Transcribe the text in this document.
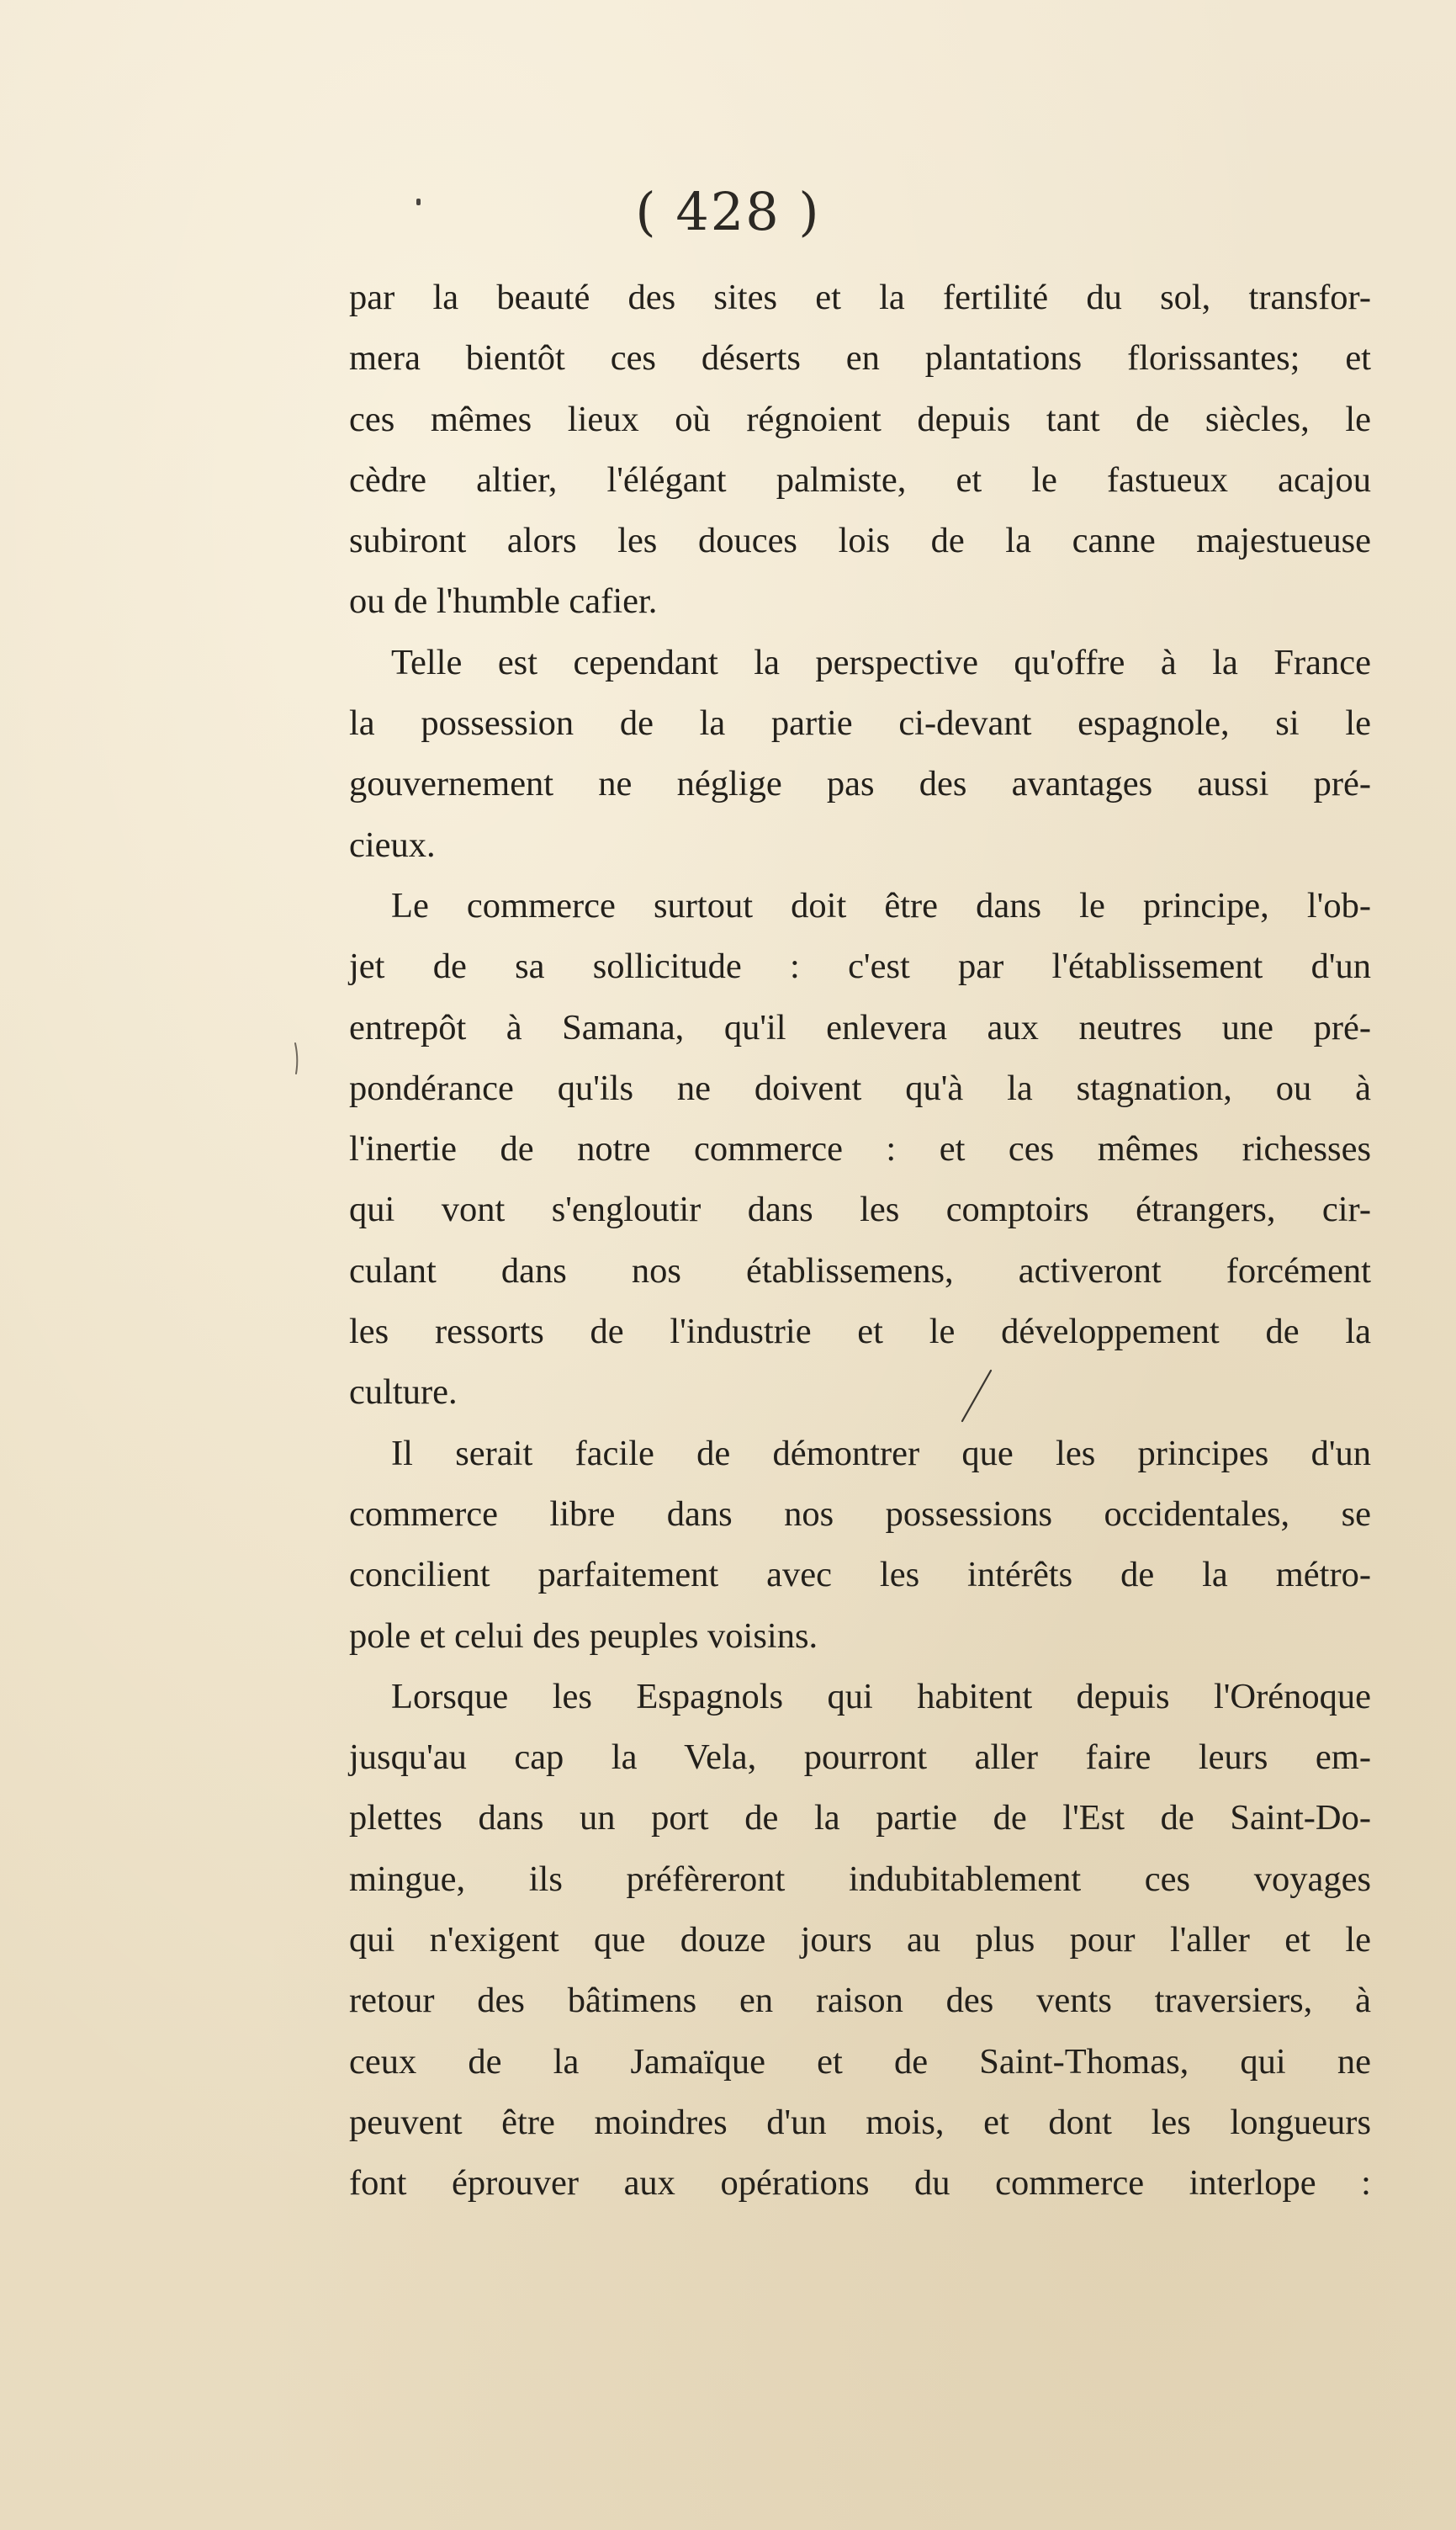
( 428 )
par la beauté des sites et la fertilité du sol, transfor-
mera bientôt ces déserts en plantations florissantes; et
ces mêmes lieux où régnoient depuis tant de siècles, le
cèdre altier, l'élégant palmiste, et le fastueux acajou
subiront alors les douces lois de la canne majestueuse
ou de l'humble cafier.
Telle est cependant la perspective qu'offre à la France
la possession de la partie ci-devant espagnole, si le
gouvernement ne néglige pas des avantages aussi pré-
cieux.
Le commerce surtout doit être dans le principe, l'ob-
jet de sa sollicitude : c'est par l'établissement d'un
entrepôt à Samana, qu'il enlevera aux neutres une pré-
pondérance qu'ils ne doivent qu'à la stagnation, ou à
l'inertie de notre commerce : et ces mêmes richesses
qui vont s'engloutir dans les comptoirs étrangers, cir-
culant dans nos établissemens, activeront forcément
les ressorts de l'industrie et le développement de la
culture.
Il serait facile de démontrer que les principes d'un
commerce libre dans nos possessions occidentales, se
concilient parfaitement avec les intérêts de la métro-
pole et celui des peuples voisins.
Lorsque les Espagnols qui habitent depuis l'Orénoque
jusqu'au cap la Vela, pourront aller faire leurs em-
plettes dans un port de la partie de l'Est de Saint-Do-
mingue, ils préfèreront indubitablement ces voyages
qui n'exigent que douze jours au plus pour l'aller et le
retour des bâtimens en raison des vents traversiers, à
ceux de la Jamaïque et de Saint-Thomas, qui ne
peuvent être moindres d'un mois, et dont les longueurs
font éprouver aux opérations du commerce interlope :
